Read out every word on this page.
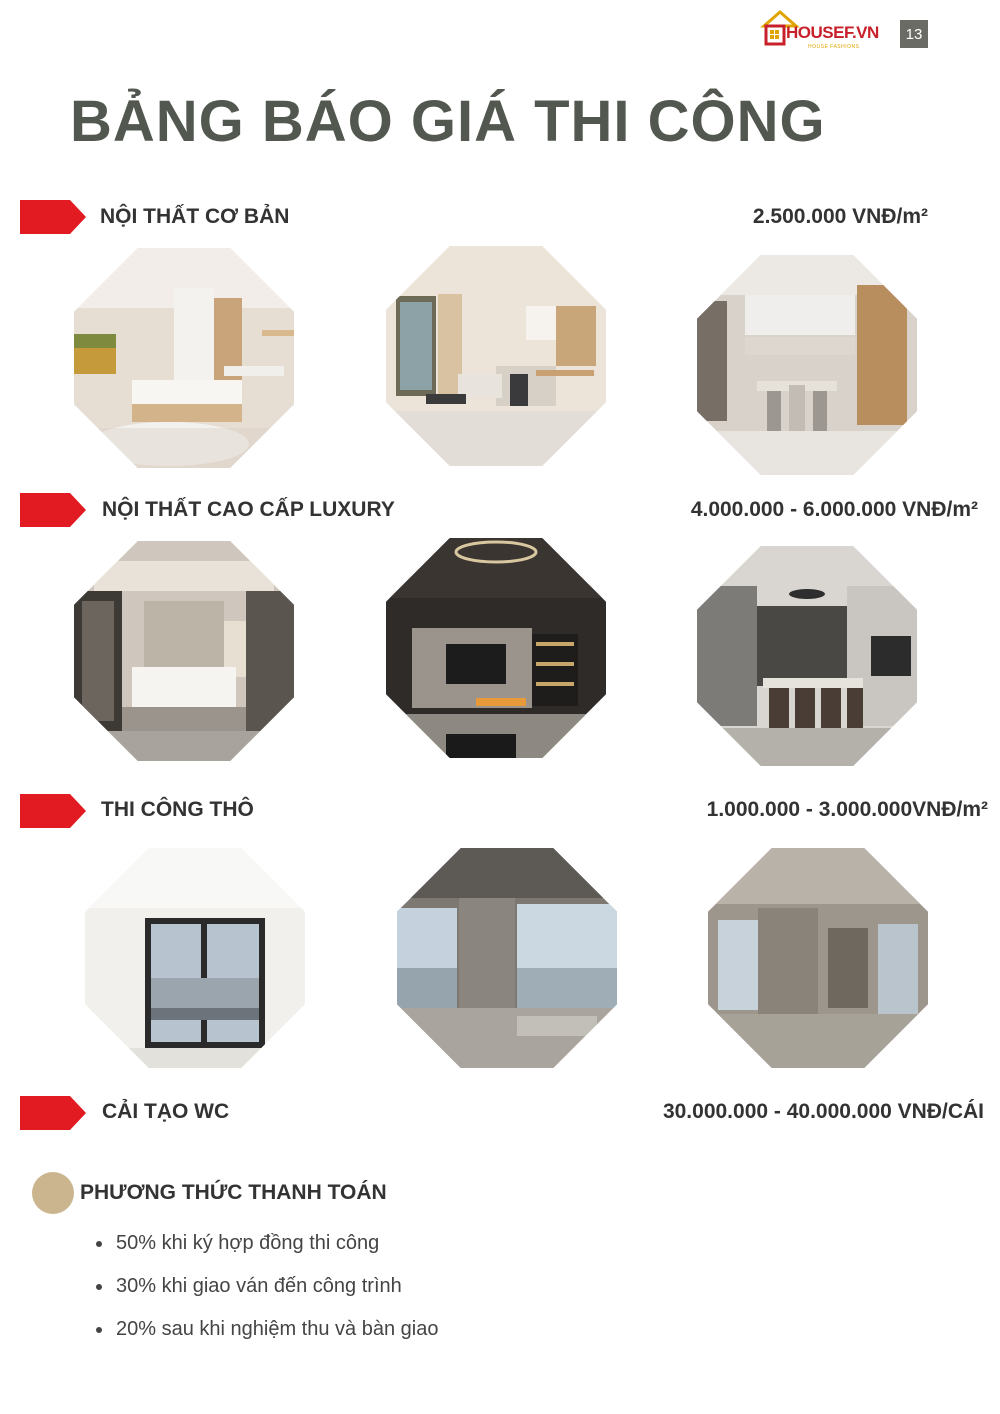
HOUSEF.VN
HOUSE FASHIONS
13
BẢNG BÁO GIÁ THI CÔNG
NỘI THẤT CƠ BẢN	2.500.000 VNĐ/m²
NỘI THẤT CAO CẤP LUXURY	4.000.000 - 6.000.000 VNĐ/m²
THI CÔNG THÔ	1.000.000 - 3.000.000VNĐ/m²
CẢI TẠO WC	30.000.000 - 40.000.000 VNĐ/CÁI
PHƯƠNG THỨC THANH TOÁN
50% khi ký hợp đồng thi công
30% khi giao ván đến công trình
20% sau khi nghiệm thu và bàn giao
